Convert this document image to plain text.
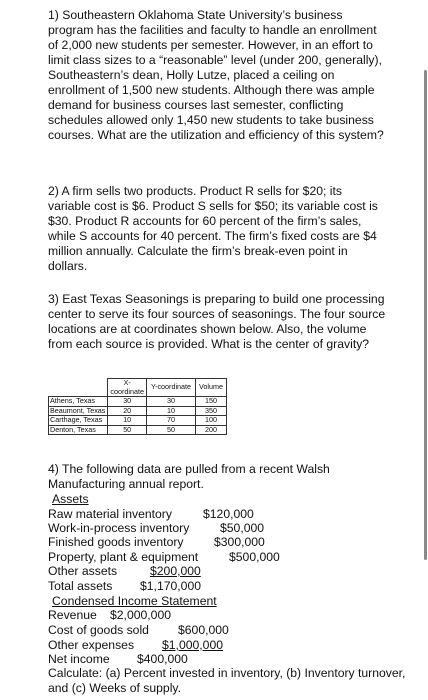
1) Southeastern Oklahoma State University’s business program has the facilities and faculty to handle an enrollment of 2,000 new students per semester. However, in an effort to limit class sizes to a “reasonable” level (under 200, generally), Southeastern’s dean, Holly Lutze, placed a ceiling on enrollment of 1,500 new students. Although there was ample demand for business courses last semester, conflicting schedules allowed only 1,450 new students to take business courses. What are the utilization and efficiency of this system?
2) A firm sells two products. Product R sells for $20; its variable cost is $6. Product S sells for $50; its variable cost is $30. Product R accounts for 60 percent of the firm’s sales, while S accounts for 40 percent. The firm’s fixed costs are $4 million annually. Calculate the firm’s break-even point in dollars.
3) East Texas Seasonings is preparing to build one processing center to serve its four sources of seasonings. The four source locations are at coordinates shown below. Also, the volume from each source is provided. What is the center of gravity?
	X-coordinate	Y-coordinate	Volume
Athens, Texas	30	30	150
Beaumont, Texas	20	10	350
Carthage, Texas	10	70	100
Denton, Texas	50	50	200
4) The following data are pulled from a recent Walsh Manufacturing annual report.
Assets
Raw material inventory	$120,000
Work-in-process inventory	$50,000
Finished goods inventory	$300,000
Property, plant & equipment	$500,000
Other assets	$200,000
Total assets $1,170,000
Condensed Income Statement
Revenue $2,000,000
Cost of goods sold $600,000
Other expenses $1,000,000
Net income $400,000
Calculate: (a) Percent invested in inventory, (b) Inventory turnover, and (c) Weeks of supply.
